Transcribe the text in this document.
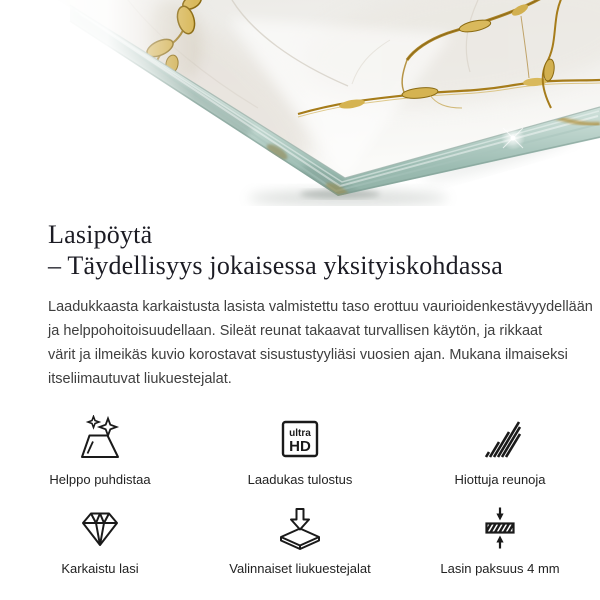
Lasipöytä
– Täydellisyys jokaisessa yksityiskohdassa

Laadukkaasta karkaistusta lasista valmistettu taso erottuu vaurioidenkestävyydellään
ja helppohoitoisuudellaan. Sileät reunat takaavat turvallisen käytön, ja rikkaat
värit ja ilmeikäs kuvio korostavat sisustustyyliäsi vuosien ajan. Mukana ilmaiseksi
itseliimautuvat liukuestejalat.

Helppo puhdistaa
ultra
HD
Laadukas tulostus	Hiottuja reunoja
Karkaistu lasi	Valinnaiset liukuestejalat	Lasin paksuus 4 mm
